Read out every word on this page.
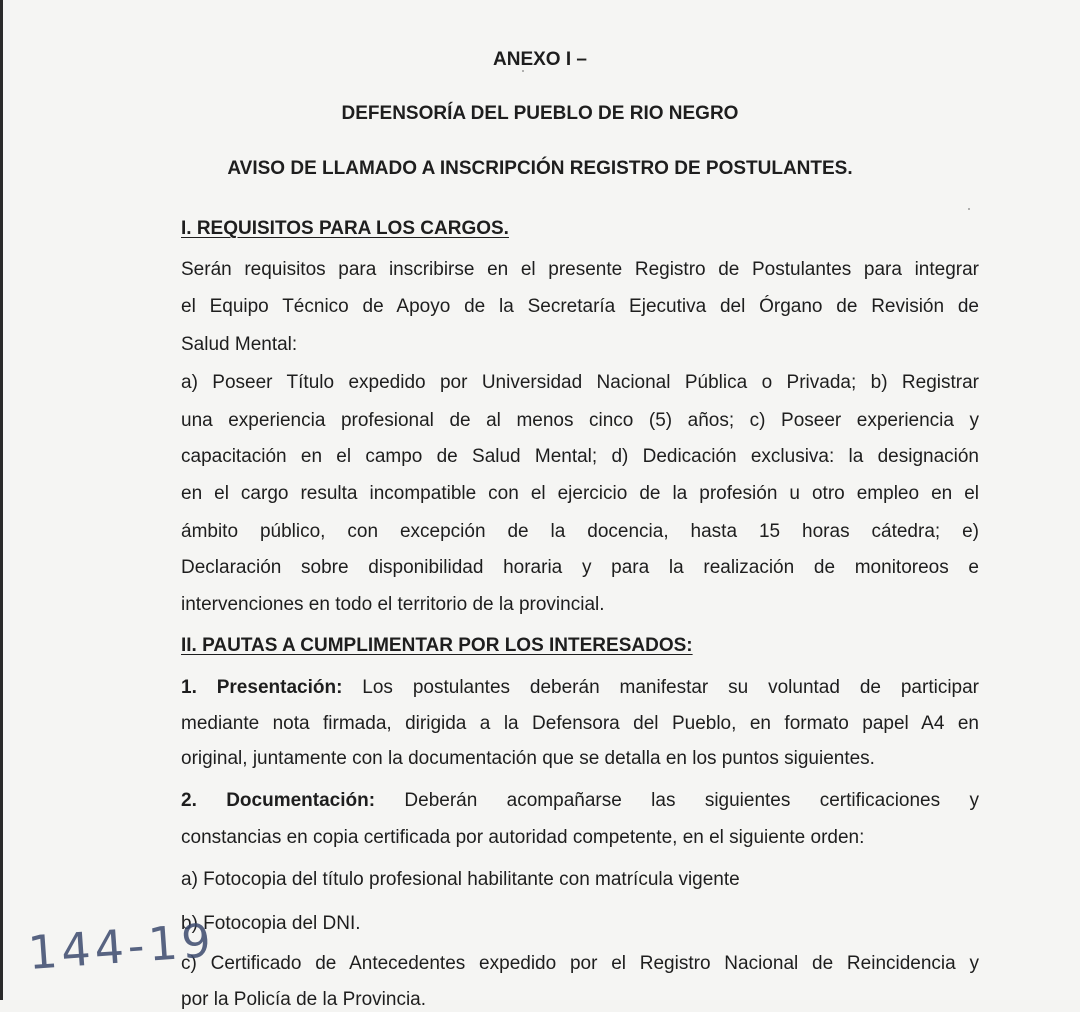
ANEXO I –
DEFENSORÍA DEL PUEBLO DE RIO NEGRO
AVISO DE LLAMADO A INSCRIPCIÓN REGISTRO DE POSTULANTES.
I. REQUISITOS PARA LOS CARGOS.
Serán requisitos para inscribirse en el presente Registro de Postulantes para integrar
el Equipo Técnico de Apoyo de la Secretaría Ejecutiva del Órgano de Revisión de
Salud Mental:
a) Poseer Título expedido por Universidad Nacional Pública o Privada; b) Registrar
una experiencia profesional de al menos cinco (5) años; c) Poseer experiencia y
capacitación en el campo de Salud Mental; d) Dedicación exclusiva: la designación
en el cargo resulta incompatible con el ejercicio de la profesión u otro empleo en el
ámbito público, con excepción de la docencia, hasta 15 horas cátedra; e)
Declaración sobre disponibilidad horaria y para la realización de monitoreos e
intervenciones en todo el territorio de la provincial.
II. PAUTAS A CUMPLIMENTAR POR LOS INTERESADOS:
1. Presentación: Los postulantes deberán manifestar su voluntad de participar
mediante nota firmada, dirigida a la Defensora del Pueblo, en formato papel A4 en
original, juntamente con la documentación que se detalla en los puntos siguientes.
2. Documentación: Deberán acompañarse las siguientes certificaciones y
constancias en copia certificada por autoridad competente, en el siguiente orden:
a) Fotocopia del título profesional habilitante con matrícula vigente
b) Fotocopia del DNI.
c) Certificado de Antecedentes expedido por el Registro Nacional de Reincidencia y
por la Policía de la Provincia.
144-19
